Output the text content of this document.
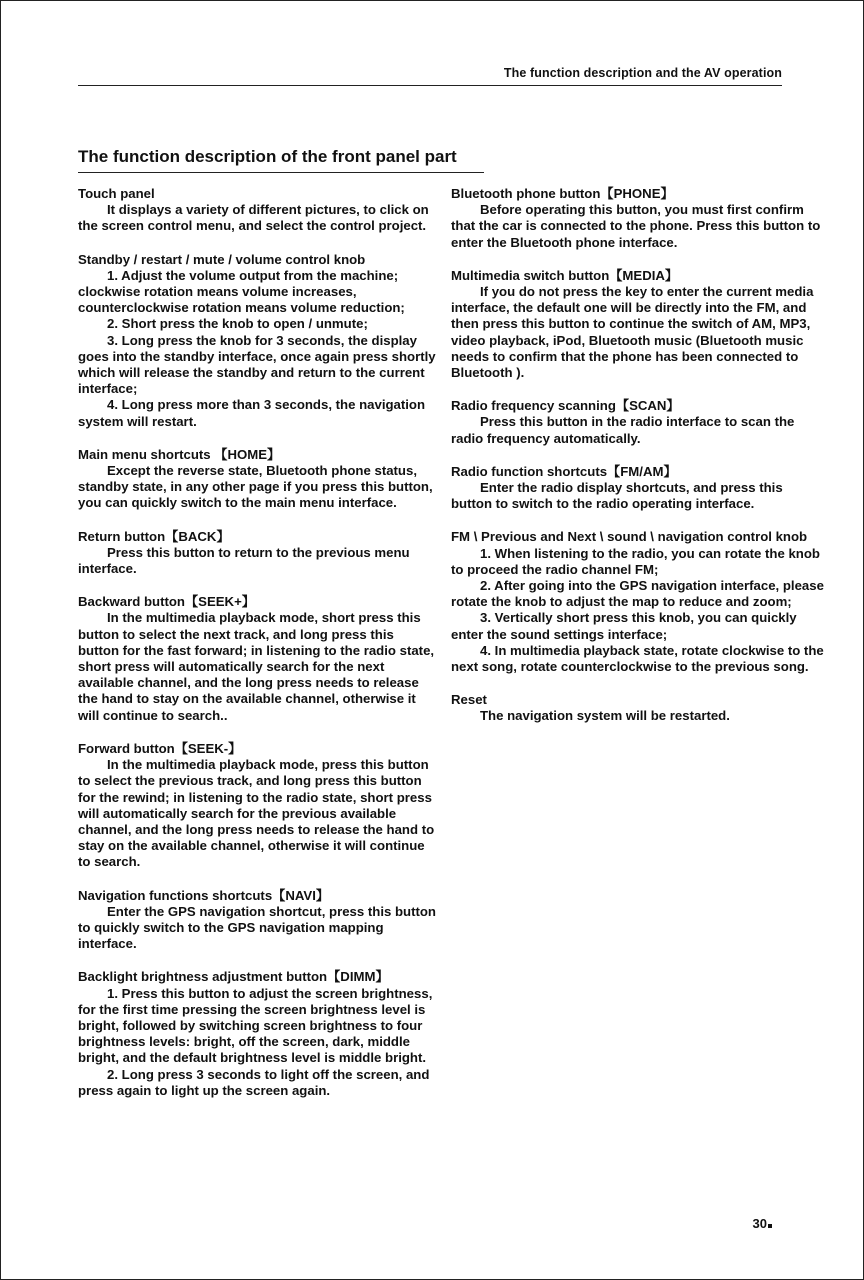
The function description and the AV operation
The function description of the front panel part
Touch panel

It displays a variety of different pictures, to click on the screen control menu, and select the control project.

Standby / restart / mute / volume control knob

1. Adjust the volume output from the machine; clockwise rotation means volume increases, counterclockwise rotation means volume reduction;

2. Short press the knob to open / unmute;

3. Long press the knob for 3 seconds, the display goes into the standby interface, once again press shortly which will release the standby and return to the current interface;

4. Long press more than 3 seconds, the navigation system will restart.

Main menu shortcuts 【HOME】

Except the reverse state, Bluetooth phone status, standby state, in any other page if you press this button, you can quickly switch to the main menu interface.

Return button【BACK】

Press this button to return to the previous menu interface.

Backward button【SEEK+】

In the multimedia playback mode, short press this button to select the next track, and long press this button for the fast forward; in listening to the radio state, short press will automatically search for the next available channel, and the long press needs to release the hand to stay on the available channel, otherwise it will continue to search..

Forward button【SEEK-】

In the multimedia playback mode, press this button to select the previous track, and long press this button for the rewind; in listening to the radio state, short press will automatically search for the previous available channel, and the long press needs to release the hand to stay on the available channel, otherwise it will continue to search.

Navigation functions shortcuts【NAVI】

Enter the GPS navigation shortcut, press this button to quickly switch to the GPS navigation mapping interface.

Backlight brightness adjustment button【DIMM】

1. Press this button to adjust the screen brightness, for the first time pressing the screen brightness level is bright, followed by switching screen brightness to four brightness levels: bright, off the screen, dark, middle bright, and the default brightness level is middle bright.

2. Long press 3 seconds to light off the screen, and press again to light up the screen again.

Bluetooth phone button【PHONE】

Before operating this button, you must first confirm that the car is connected to the phone. Press this button to enter the Bluetooth phone interface.

Multimedia switch button【MEDIA】

If you do not press the key to enter the current media interface, the default one will be directly into the FM, and then press this button to continue the switch of AM, MP3, video playback, iPod, Bluetooth music (Bluetooth music needs to confirm that the phone has been connected to Bluetooth ).

Radio frequency scanning【SCAN】

Press this button in the radio interface to scan the radio frequency automatically.

Radio function shortcuts【FM/AM】

Enter the radio display shortcuts, and press this button to switch to the radio operating interface.

FM \ Previous and Next \ sound \ navigation control knob

1. When listening to the radio, you can rotate the knob to proceed the radio channel FM;

2. After going into the GPS navigation interface, please rotate the knob to adjust the map to reduce and zoom;

3. Vertically short press this knob, you can quickly enter the sound settings interface;

4. In multimedia playback state, rotate clockwise to the next song, rotate counterclockwise to the previous song.

Reset

The navigation system will be restarted.

30
